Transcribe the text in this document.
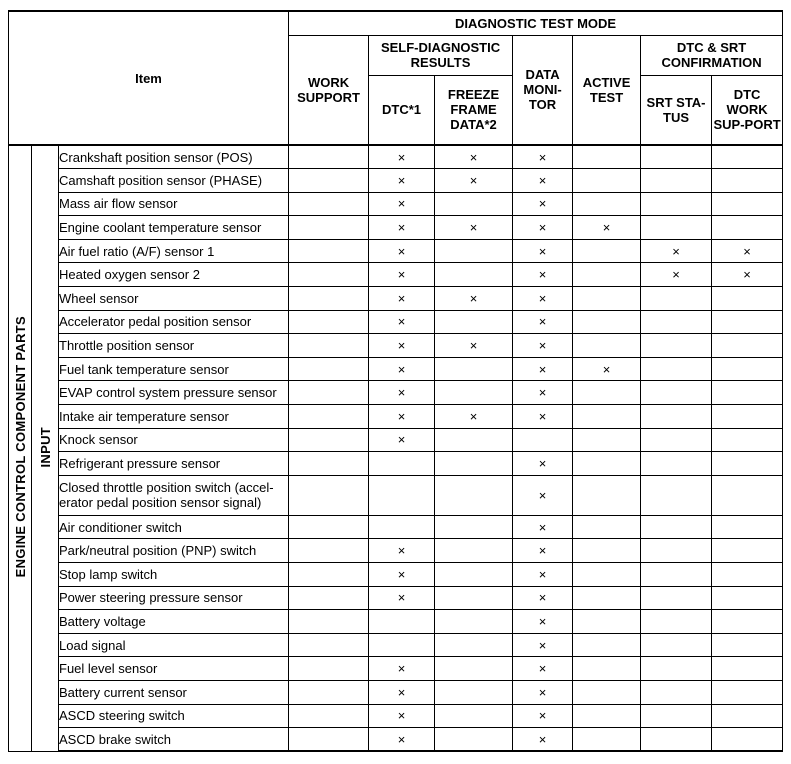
Item			DIAGNOSTIC TEST MODE						
			WORK SUPPORT	SELF-DIAGNOSTIC RESULTS		DATA MONI-TOR	ACTIVE TEST	DTC & SRT CONFIRMATION	
				DTC*1	FREEZE FRAME DATA*2			SRT STA-TUS	DTC WORK SUP-PORT
ENGINE CONTROL COMPONENT PARTS	INPUT	Crankshaft position sensor (POS)		×	×	×			
		Camshaft position sensor (PHASE)		×	×	×			
		Mass air flow sensor		×		×			
		Engine coolant temperature sensor		×	×	×	×		
		Air fuel ratio (A/F) sensor 1		×		×		×	×
		Heated oxygen sensor 2		×		×		×	×
		Wheel sensor		×	×	×			
		Accelerator pedal position sensor		×		×			
		Throttle position sensor		×	×	×			
		Fuel tank temperature sensor		×		×	×		
		EVAP control system pressure sensor		×		×			
		Intake air temperature sensor		×	×	×			
		Knock sensor		×					
		Refrigerant pressure sensor				×			
		Closed throttle position switch (accel-erator pedal position sensor signal)				×			
		Air conditioner switch				×			
		Park/neutral position (PNP) switch		×		×			
		Stop lamp switch		×		×			
		Power steering pressure sensor		×		×			
		Battery voltage				×			
		Load signal				×			
		Fuel level sensor		×		×			
		Battery current sensor		×		×			
		ASCD steering switch		×		×			
		ASCD brake switch		×		×			
